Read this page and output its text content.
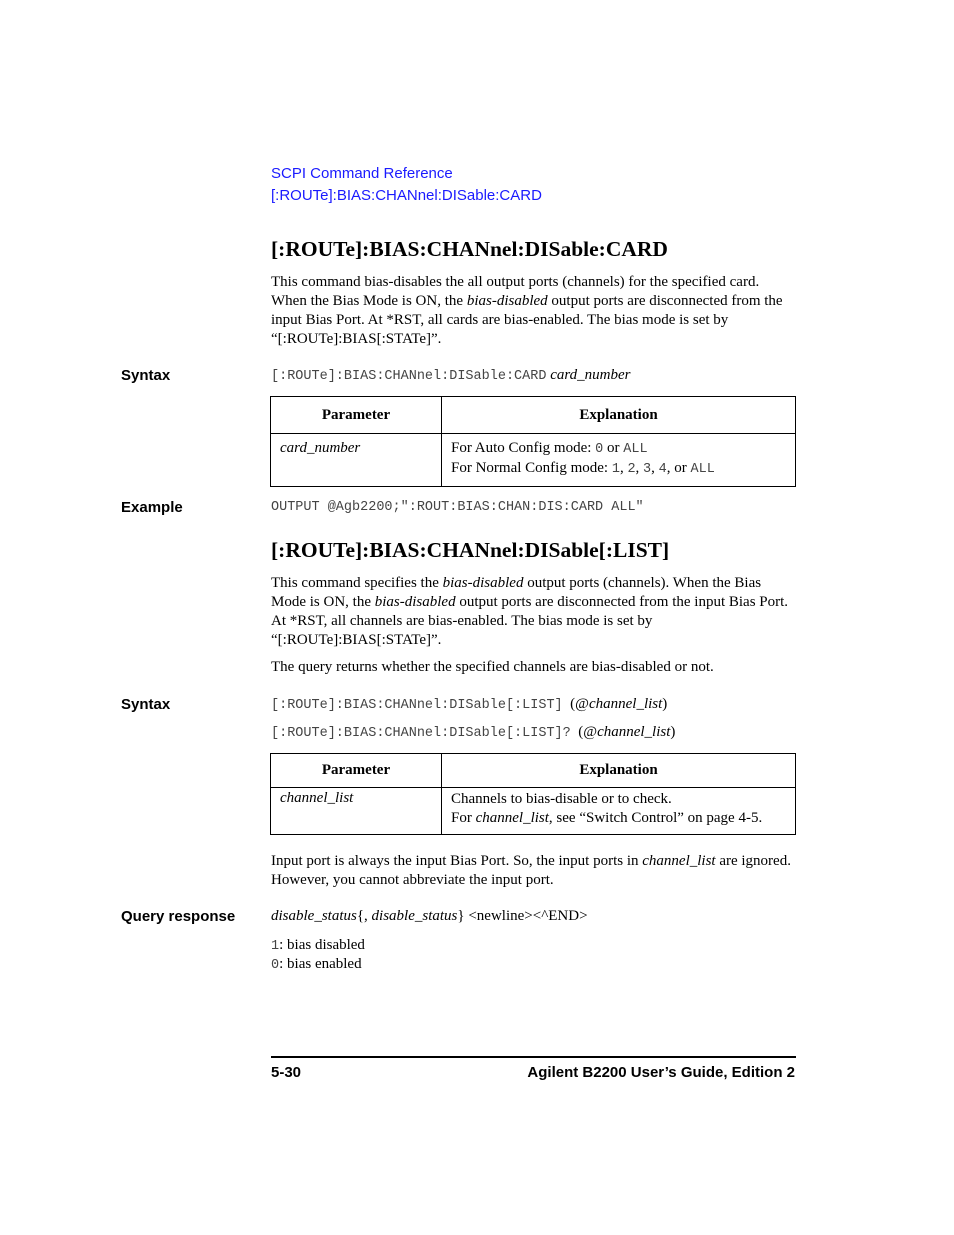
SCPI Command Reference
[:ROUTe]:BIAS:CHANnel:DISable:CARD
[:ROUTe]:BIAS:CHANnel:DISable:CARD
This command bias-disables the all output ports (channels) for the specified card. When the Bias Mode is ON, the bias-disabled output ports are disconnected from the input Bias Port. At *RST, all cards are bias-enabled. The bias mode is set by “[:ROUTe]:BIAS[:STATe]”.
Syntax	[:ROUTe]:BIAS:CHANnel:DISable:CARD card_number
Parameter	Explanation
card_number	For Auto Config mode: 0 or ALL
For Normal Config mode: 1, 2, 3, 4, or ALL
Example	OUTPUT @Agb2200;":ROUT:BIAS:CHAN:DIS:CARD ALL"
[:ROUTe]:BIAS:CHANnel:DISable[:LIST]
This command specifies the bias-disabled output ports (channels). When the Bias Mode is ON, the bias-disabled output ports are disconnected from the input Bias Port. At *RST, all channels are bias-enabled. The bias mode is set by “[:ROUTe]:BIAS[:STATe]”.
The query returns whether the specified channels are bias-disabled or not.
Syntax	[:ROUTe]:BIAS:CHANnel:DISable[:LIST] (@channel_list)
[:ROUTe]:BIAS:CHANnel:DISable[:LIST]? (@channel_list)
Parameter	Explanation
channel_list	Channels to bias-disable or to check.
For channel_list, see “Switch Control” on page 4-5.
Input port is always the input Bias Port. So, the input ports in channel_list are ignored. However, you cannot abbreviate the input port.
Query response disable_status{, disable_status} <newline><^END>
1: bias disabled
0: bias enabled
5-30	Agilent B2200 User’s Guide, Edition 2
